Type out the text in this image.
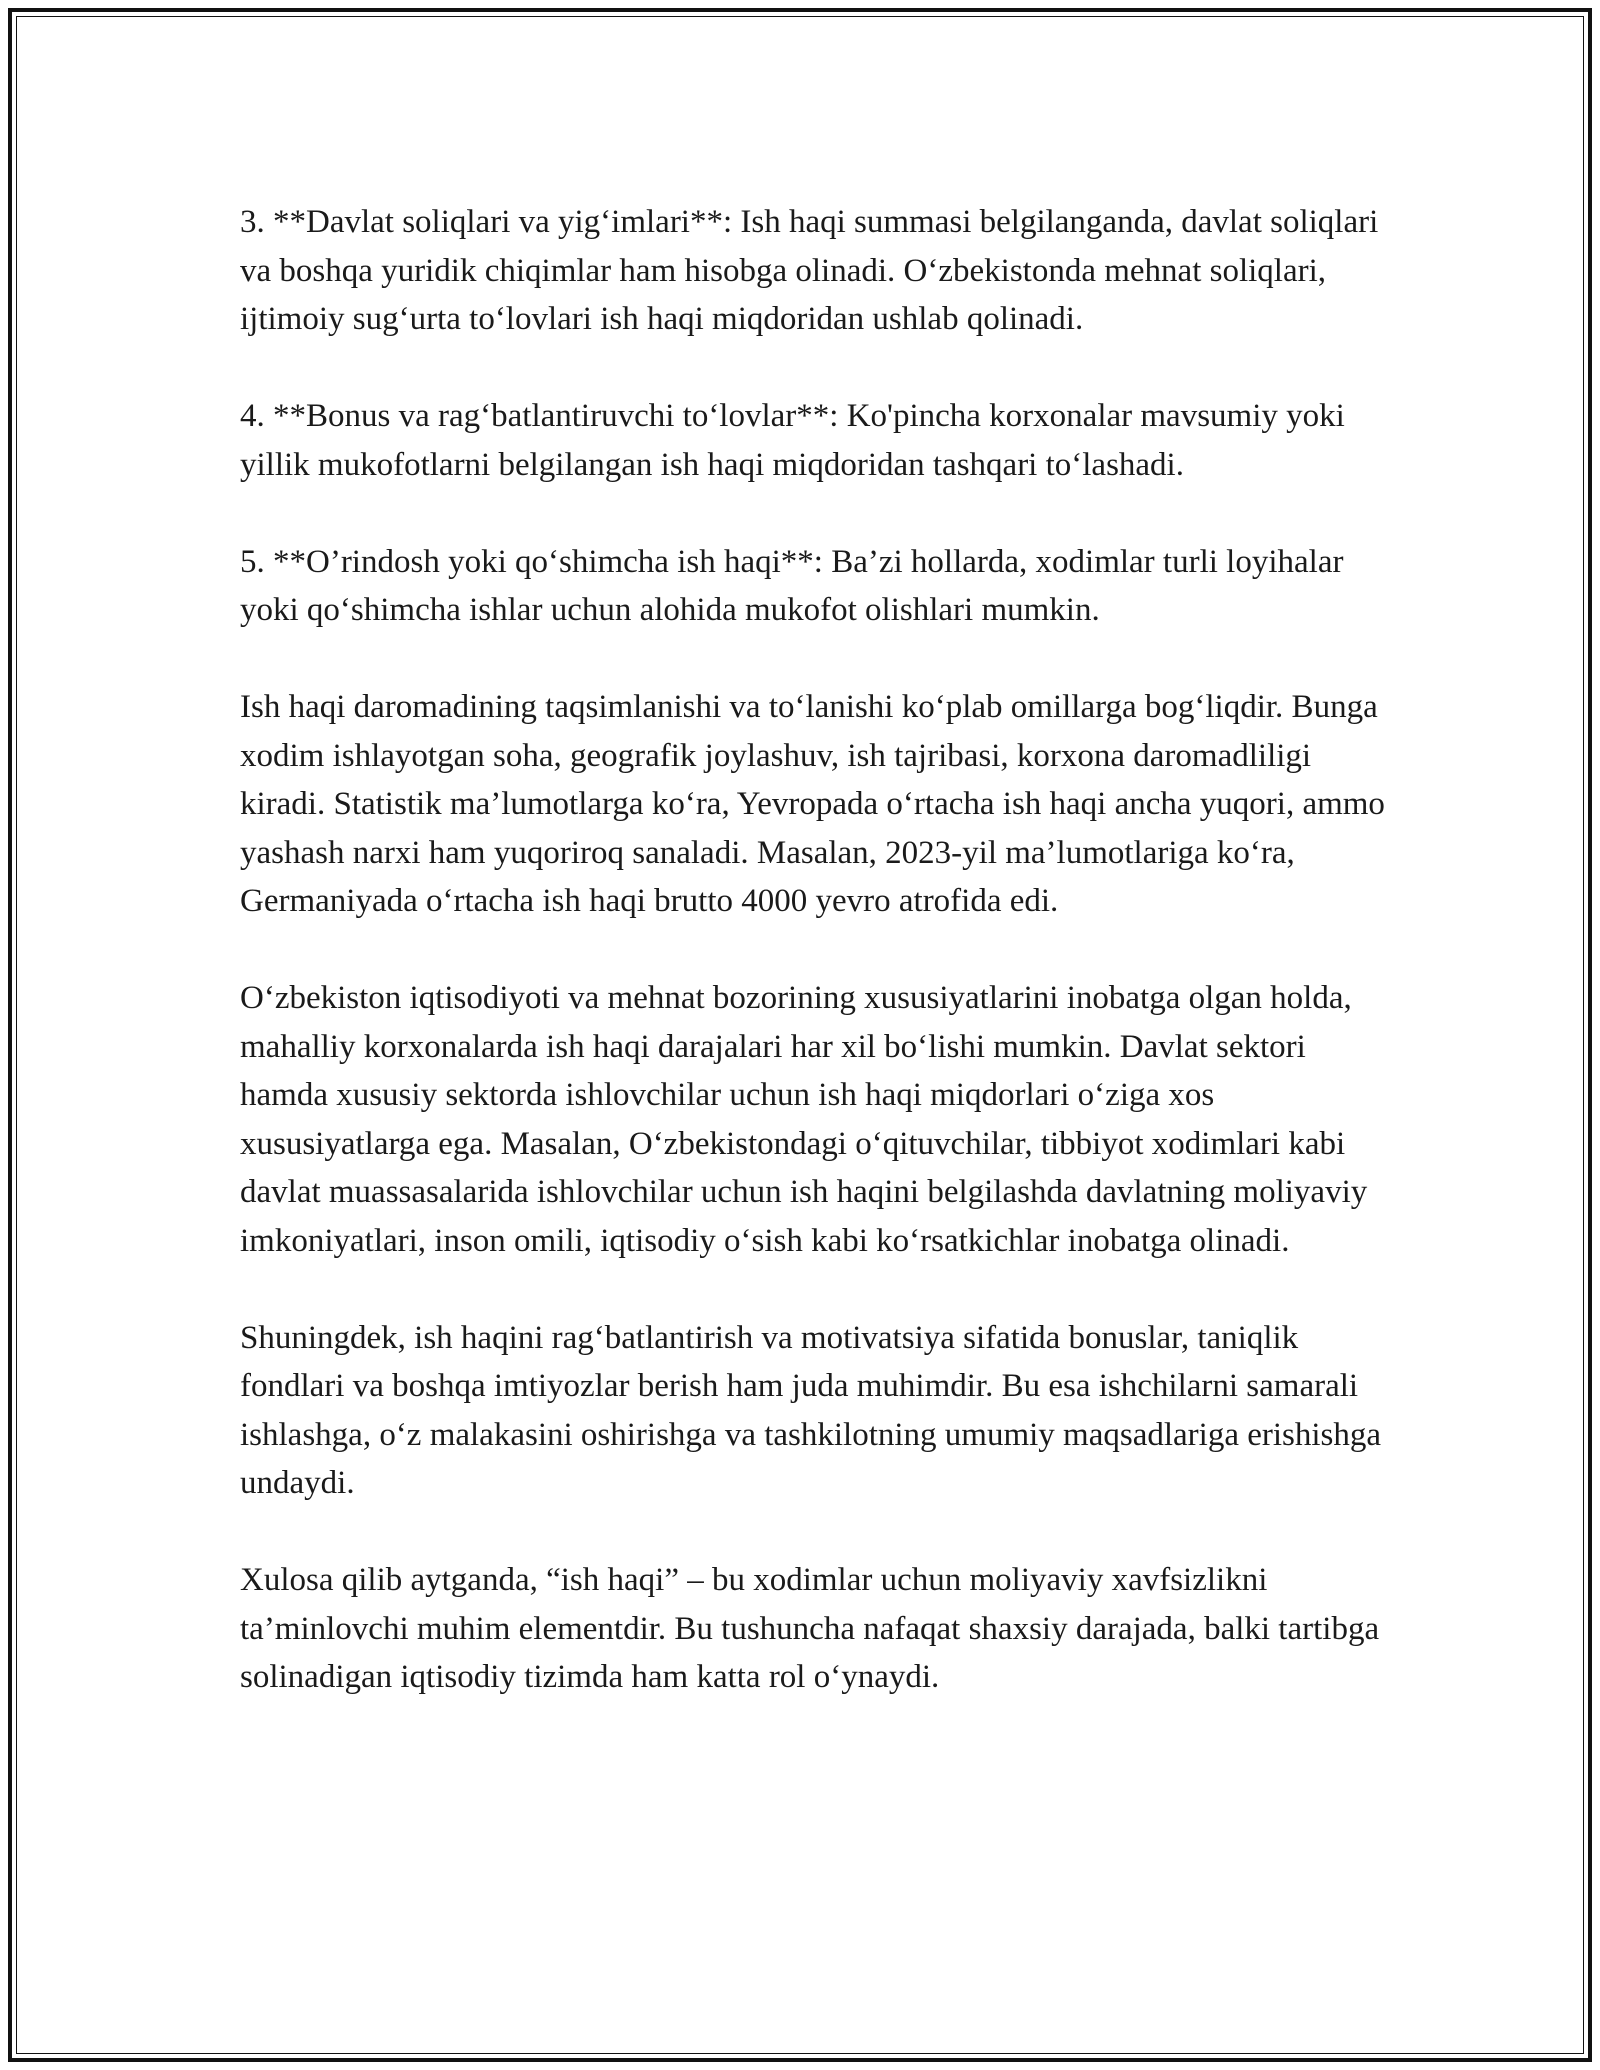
3. **Davlat soliqlari va yig‘imlari**: Ish haqi summasi belgilanganda, davlat soliqlari va boshqa yuridik chiqimlar ham hisobga olinadi. O‘zbekistonda mehnat soliqlari, ijtimoiy sug‘urta to‘lovlari ish haqi miqdoridan ushlab qolinadi.

4. **Bonus va rag‘batlantiruvchi to‘lovlar**: Ko'pincha korxonalar mavsumiy yoki yillik mukofotlarni belgilangan ish haqi miqdoridan tashqari to‘lashadi.

5. **O’rindosh yoki qo‘shimcha ish haqi**: Ba’zi hollarda, xodimlar turli loyihalar yoki qo‘shimcha ishlar uchun alohida mukofot olishlari mumkin.

Ish haqi daromadining taqsimlanishi va to‘lanishi ko‘plab omillarga bog‘liqdir. Bunga xodim ishlayotgan soha, geografik joylashuv, ish tajribasi, korxona daromadliligi kiradi. Statistik ma’lumotlarga ko‘ra, Yevropada o‘rtacha ish haqi ancha yuqori, ammo yashash narxi ham yuqoriroq sanaladi. Masalan, 2023-yil ma’lumotlariga ko‘ra, Germaniyada o‘rtacha ish haqi brutto 4000 yevro atrofida edi.

O‘zbekiston iqtisodiyoti va mehnat bozorining xususiyatlarini inobatga olgan holda, mahalliy korxonalarda ish haqi darajalari har xil bo‘lishi mumkin. Davlat sektori hamda xususiy sektorda ishlovchilar uchun ish haqi miqdorlari o‘ziga xos xususiyatlarga ega. Masalan, O‘zbekistondagi o‘qituvchilar, tibbiyot xodimlari kabi davlat muassasalarida ishlovchilar uchun ish haqini belgilashda davlatning moliyaviy imkoniyatlari, inson omili, iqtisodiy o‘sish kabi ko‘rsatkichlar inobatga olinadi.

Shuningdek, ish haqini rag‘batlantirish va motivatsiya sifatida bonuslar, taniqlik fondlari va boshqa imtiyozlar berish ham juda muhimdir. Bu esa ishchilarni samarali ishlashga, o‘z malakasini oshirishga va tashkilotning umumiy maqsadlariga erishishga undaydi.

Xulosa qilib aytganda, “ish haqi” – bu xodimlar uchun moliyaviy xavfsizlikni ta’minlovchi muhim elementdir. Bu tushuncha nafaqat shaxsiy darajada, balki tartibga solinadigan iqtisodiy tizimda ham katta rol o‘ynaydi.
